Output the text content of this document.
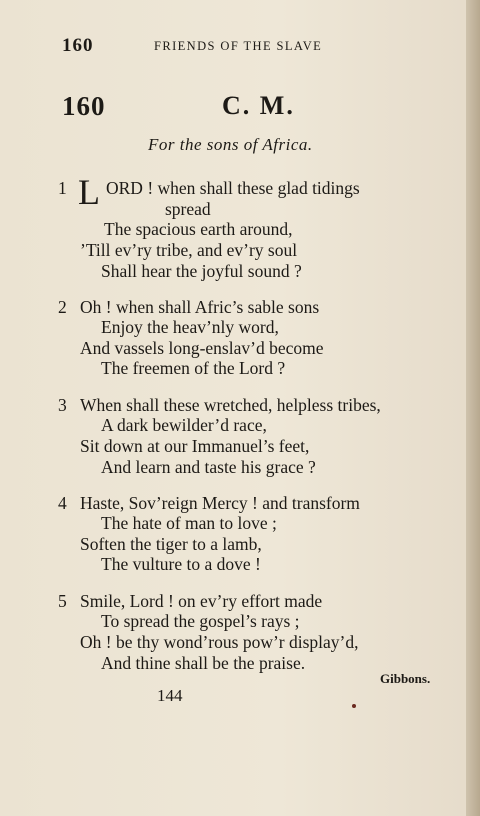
160	FRIENDS OF THE SLAVE
160	C. M.
For the sons of Africa.
1 L ORD ! when shall these glad tidings
spread
The spacious earth around,
’Till ev’ry tribe, and ev’ry soul
Shall hear the joyful sound ?
2 Oh ! when shall Afric’s sable sons
Enjoy the heav’nly word,
And vassels long-enslav’d become
The freemen of the Lord ?
3 When shall these wretched, helpless tribes,
A dark bewilder’d race,
Sit down at our Immanuel’s feet,
And learn and taste his grace ?
4 Haste, Sov’reign Mercy ! and transform
The hate of man to love ;
Soften the tiger to a lamb,
The vulture to a dove !
5 Smile, Lord ! on ev’ry effort made
To spread the gospel’s rays ;
Oh ! be thy wond’rous pow’r display’d,
And thine shall be the praise.
Gibbons.
144
